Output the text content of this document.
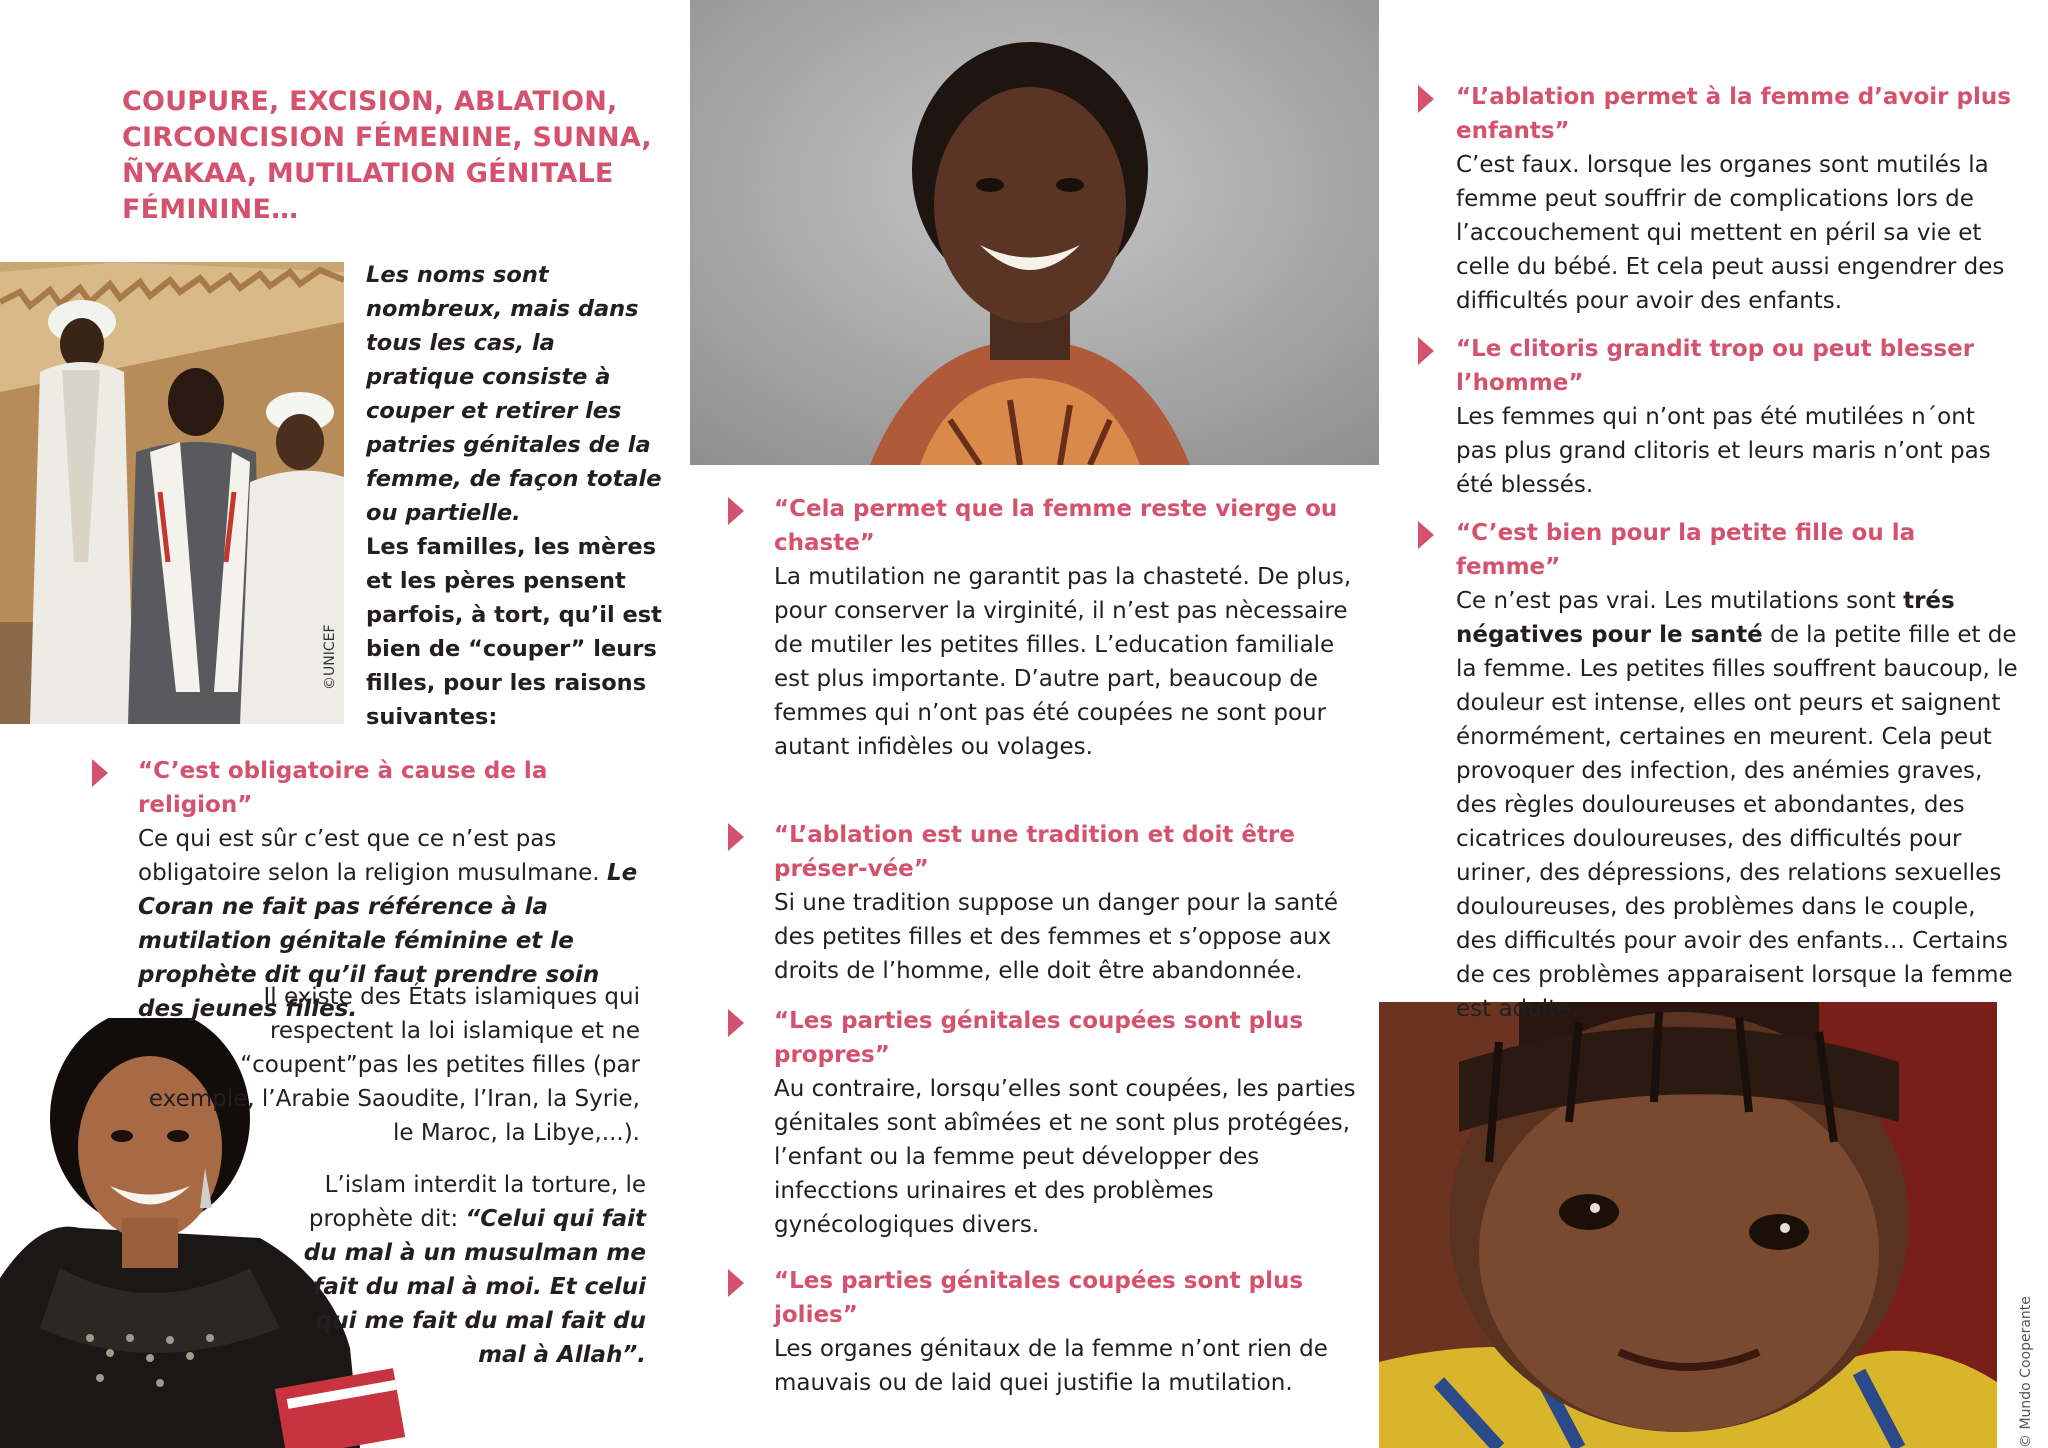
©UNICEF
© Mundo Cooperante
COUPURE, EXCISION, ABLATION, CIRCONCISION FÉMENINE, SUNNA, ÑYAKAA, MUTILATION GÉNITALE FÉMININE…

Les noms sont nombreux, mais dans tous les cas, la pratique consiste à couper et retirer les patries génitales de la femme, de façon totale ou partielle.

Les familles, les mères et les pères pensent parfois, à tort, qu’il est bien de “couper” leurs filles, pour les raisons suivantes:

“C’est obligatoire à cause de la religion”

Ce qui est sûr c’est que ce n’est pas obligatoire selon la religion musulmane. Le Coran ne fait pas référence à la mutilation génitale féminine et le prophète dit qu’il faut prendre soin des jeunes filles.

Il existe des États islamiques qui respectent la loi islamique et ne “coupent”pas les petites filles (par exemple, l’Arabie Saoudite, l’Iran, la Syrie, le Maroc, la Libye,...).

L’islam interdit la torture, le prophète dit: “Celui qui fait du mal à un musulman me fait du mal à moi. Et celui qui me fait du mal fait du mal à Allah”.

“Cela permet que la femme reste vierge ou chaste”

La mutilation ne garantit pas la chasteté. De plus, pour conserver la virginité, il n’est pas nècessaire de mutiler les petites filles. L’education familiale est plus importante. D’autre part, beaucoup de femmes qui n’ont pas été coupées ne sont pour autant infidèles ou volages.

“L’ablation est une tradition et doit être préser-vée”

Si une tradition suppose un danger pour la santé des petites filles et des femmes et s’oppose aux droits de l’homme, elle doit être abandonnée.

“Les parties génitales coupées sont plus propres”

Au contraire, lorsqu’elles sont coupées, les parties génitales sont abîmées et ne sont plus protégées, l’enfant ou la femme peut développer des infecctions urinaires et des problèmes gynécologiques divers.

“Les parties génitales coupées sont plus jolies”

Les organes génitaux de la femme n’ont rien de mauvais ou de laid quei justifie la mutilation.

“L’ablation permet à la femme d’avoir plus enfants”

C’est faux. lorsque les organes sont mutilés la femme peut souffrir de complications lors de l’accouchement qui mettent en péril sa vie et celle du bébé. Et cela peut aussi engendrer des difficultés pour avoir des enfants.

“Le clitoris grandit trop ou peut blesser l’homme”

Les femmes qui n’ont pas été mutilées n´ont pas plus grand clitoris et leurs maris n’ont pas été blessés.

“C’est bien pour la petite fille ou la femme”

Ce n’est pas vrai. Les mutilations sont trés négatives pour le santé de la petite fille et de la femme. Les petites filles souffrent baucoup, le douleur est intense, elles ont peurs et saignent énormément, certaines en meurent. Cela peut provoquer des infection, des anémies graves, des règles douloureuses et abondantes, des cicatrices douloureuses, des difficultés pour uriner, des dépressions, des relations sexuelles douloureuses, des problèmes dans le couple, des difficultés pour avoir des enfants... Certains de ces problèmes apparaisent lorsque la femme est adulte.
